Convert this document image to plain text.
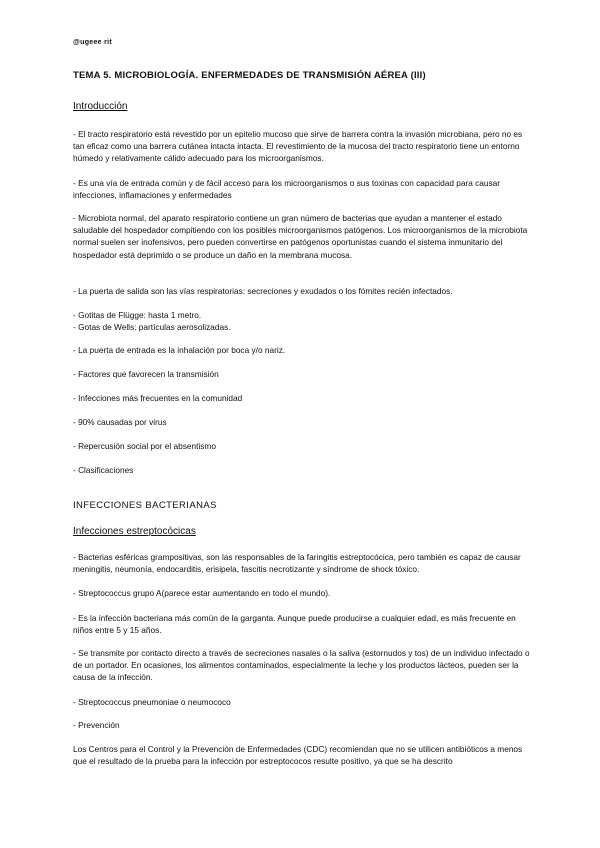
@ugeee rit
TEMA 5. MICROBIOLOGÍA. ENFERMEDADES DE TRANSMISIÓN AÉREA (III)

Introducción

- El tracto respiratorio está revestido por un epitelio mucoso que sirve de barrera contra la invasión microbiana, pero no es tan eficaz como una barrera cutánea intacta intacta. El revestimiento de la mucosa del tracto respiratorio tiene un entorno húmedo y relativamente cálido adecuado para los microorganismos.

- Es una vía de entrada común y de fácil acceso para los microorganismos o sus toxinas con capacidad para causar infecciones, inflamaciones y enfermedades

- Microbiota normal, del aparato respiratorio contiene un gran número de bacterias que ayudan a mantener el estado saludable del hospedador compitiendo con los posibles microorganismos patógenos. Los microorganismos de la microbiota normal suelen ser inofensivos, pero pueden convertirse en patógenos oportunistas cuando el sistema inmunitario del hospedador está deprimido o se produce un daño en la membrana mucosa.

- La puerta de salida son las vías respiratorias: secreciones y exudados o los fómites recién infectados.

- Gotitas de Flügge: hasta 1 metro.

- Gotas de Wells: partículas aerosolizadas.

- La puerta de entrada es la inhalación por boca y/o nariz.

- Factores que favorecen la transmisión

- Infecciones más frecuentes en la comunidad

- 90% causadas por virus

- Repercusión social por el absentismo

- Clasificaciones

INFECCIONES BACTERIANAS

Infecciones estreptocócicas

- Bacterias esféricas grampositivas, son las responsables de la faringitis estreptocócica, pero también es capaz de causar meningitis, neumonía, endocarditis, erisipela, fascitis necrotizante y síndrome de shock tóxico.

- Streptococcus grupo A(parece estar aumentando en todo el mundo).

- Es la infección bacteriana más común de la garganta. Aunque puede producirse a cualquier edad, es más frecuente en niños entre 5 y 15 años.

- Se transmite por contacto directo a través de secreciones nasales o la saliva (estornudos y tos) de un individuo infectado o de un portador. En ocasiones, los alimentos contaminados, especialmente la leche y los productos lácteos, pueden ser la causa de la infección.

- Streptococcus pneumoniae o neumococo

- Prevención

Los Centros para el Control y la Prevención de Enfermedades (CDC) recomiendan que no se utilicen antibióticos a menos que el resultado de la prueba para la infección por estreptococos resulte positivo, ya que se ha descrito
